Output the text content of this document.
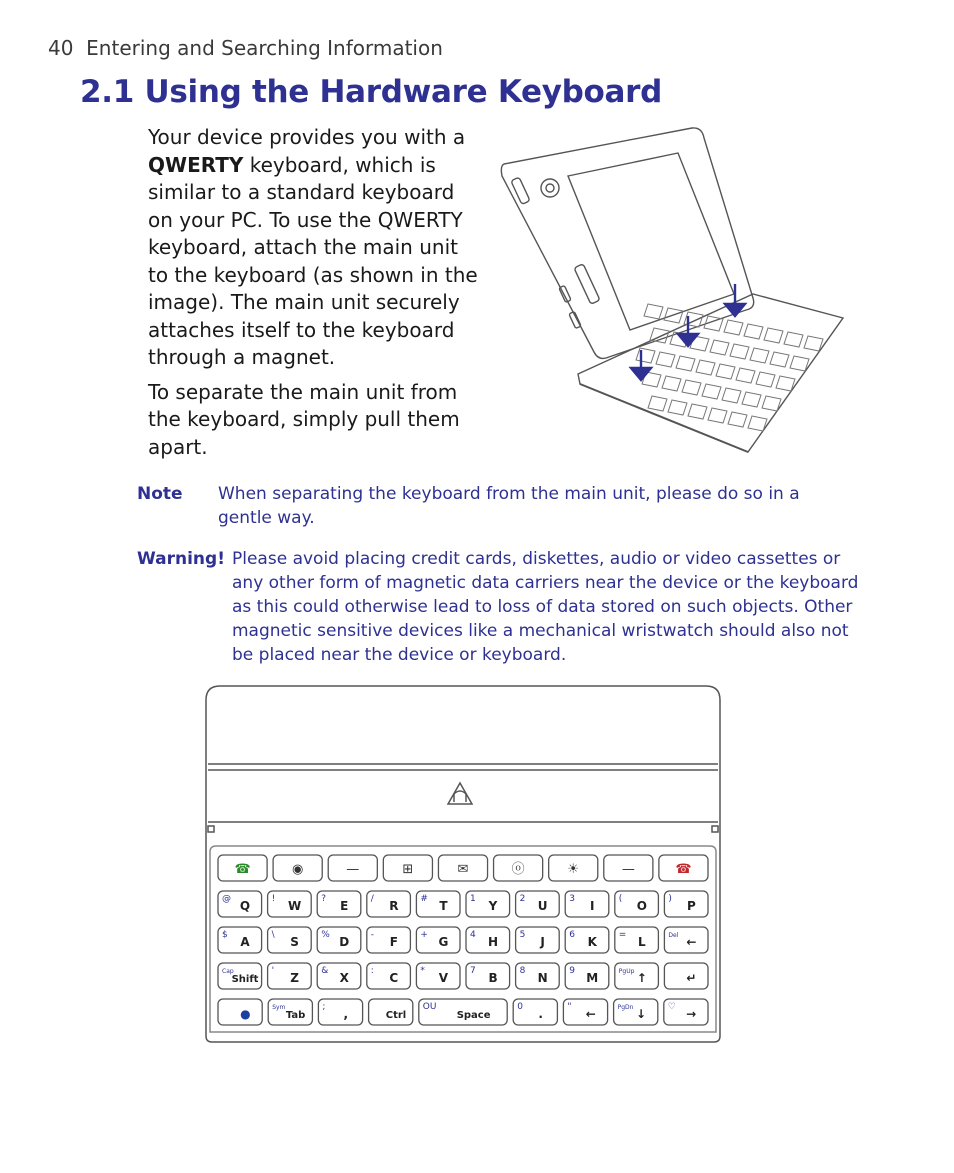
40 Entering and Searching Information
2.1 Using the Hardware Keyboard

Your device provides you with a QWERTY keyboard, which is similar to a standard keyboard on your PC. To use the QWERTY keyboard, attach the main unit to the keyboard (as shown in the image). The main unit securely attaches itself to the keyboard through a magnet.

To separate the main unit from the keyboard, simply pull them apart.

Note When separating the keyboard from the main unit, please do so in a gentle way.
Warning! Please avoid placing credit cards, diskettes, audio or video cassettes or any other form of magnetic data carriers near the device or the keyboard as this could otherwise lead to loss of data stored on such objects. Other magnetic sensitive devices like a mechanical wristwatch should also not be placed near the device or keyboard.
☎	◉	—	⊞	✉	ⓞ	☀	—	☎
@ Q ! W ? E / R # T 1 Y 2 U 3 I	( O ) P
$ A \ S % D - F + G 4 H 5 J	6 K = L	Del ←
Cap
Shift
' Z & X : C * V 7 B 8 N 9 M	PgUp ↑	↵
●	Sym
Tab
; ,	Ctrl
OU
Space
0 .	" ←	PgDn ↓ ♡ →
